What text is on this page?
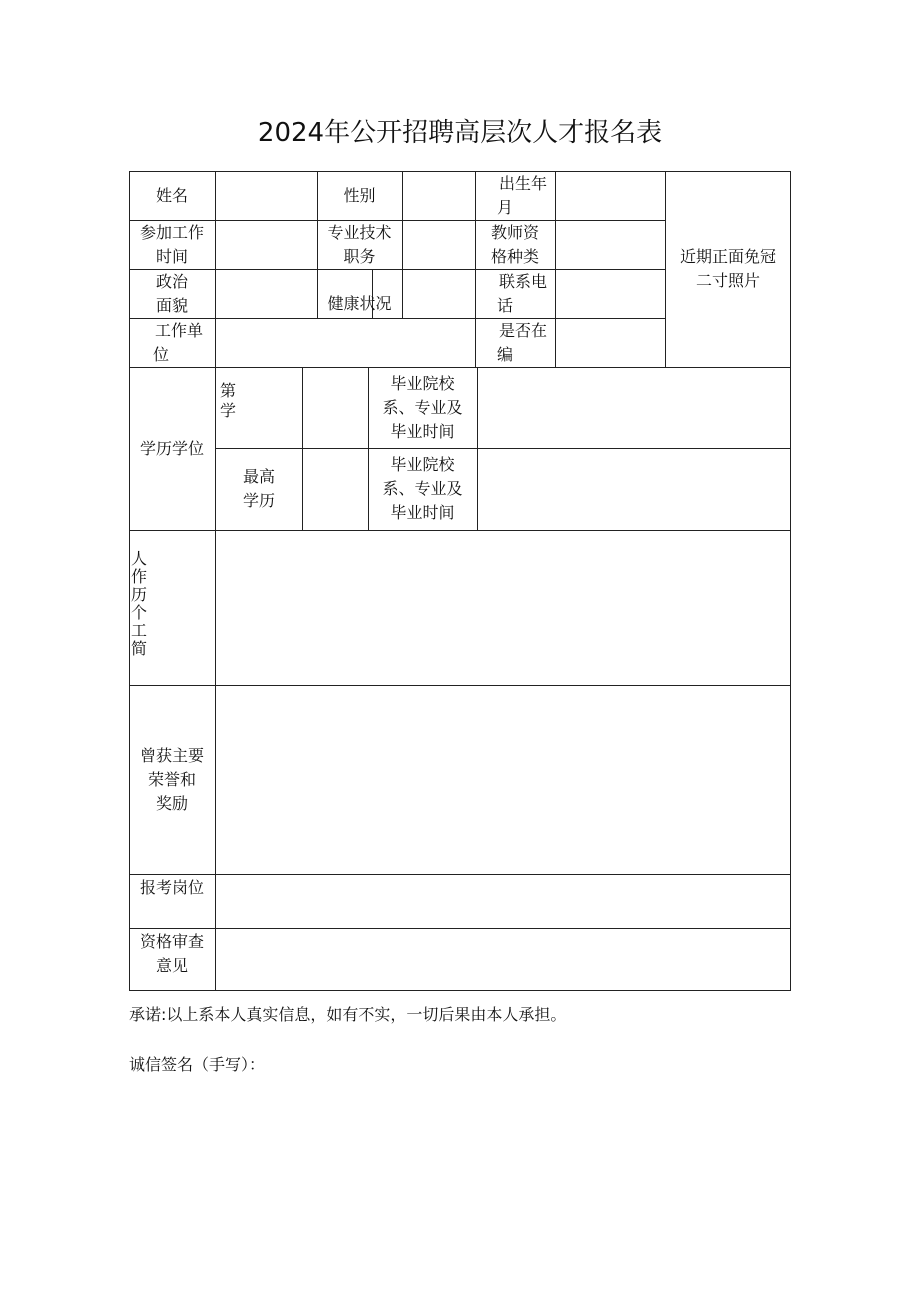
2024年公开招聘高层次人才报名表
姓名	性别
出生年
月
近期正面免冠
二寸照片
参加工作
时间
专业技术
职务
教师资
格种类
政治
面貌	健康状况
联系电
话
工作单
位
是否在
编
学历学位
第
学
毕业院校
系、专业及
毕业时间
最高
学历
毕业院校
系、专业及
毕业时间
人
作
历
个
工
简
曾获主要
荣誉和
奖励
报考岗位
资格审查
意见
承诺:以上系本人真实信息，如有不实，一切后果由本人承担。
诚信签名（手写）：
